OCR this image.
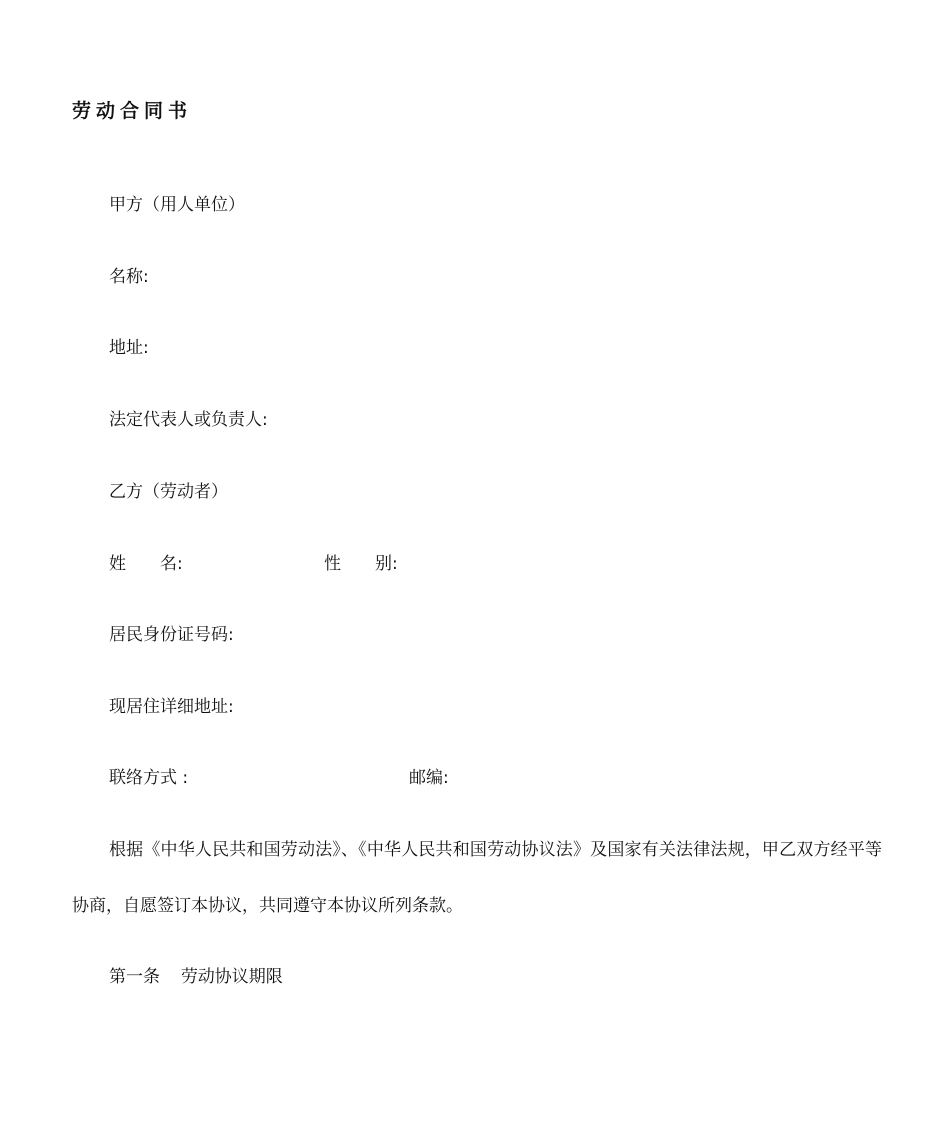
劳动合同书
甲方（用人单位）
名称:
地址:
法定代表人或负责人:
乙方（劳动者）
姓　　名:	性　　别:
居民身份证号码:
现居住详细地址:
联络方式 :	邮编:
根据《中华人民共和国劳动法》、《中华人民共和国劳动协议法》及国家有关法律法规，甲乙双方经平等协商，自愿签订本协议，共同遵守本协议所列条款。
第一条 劳动协议期限
